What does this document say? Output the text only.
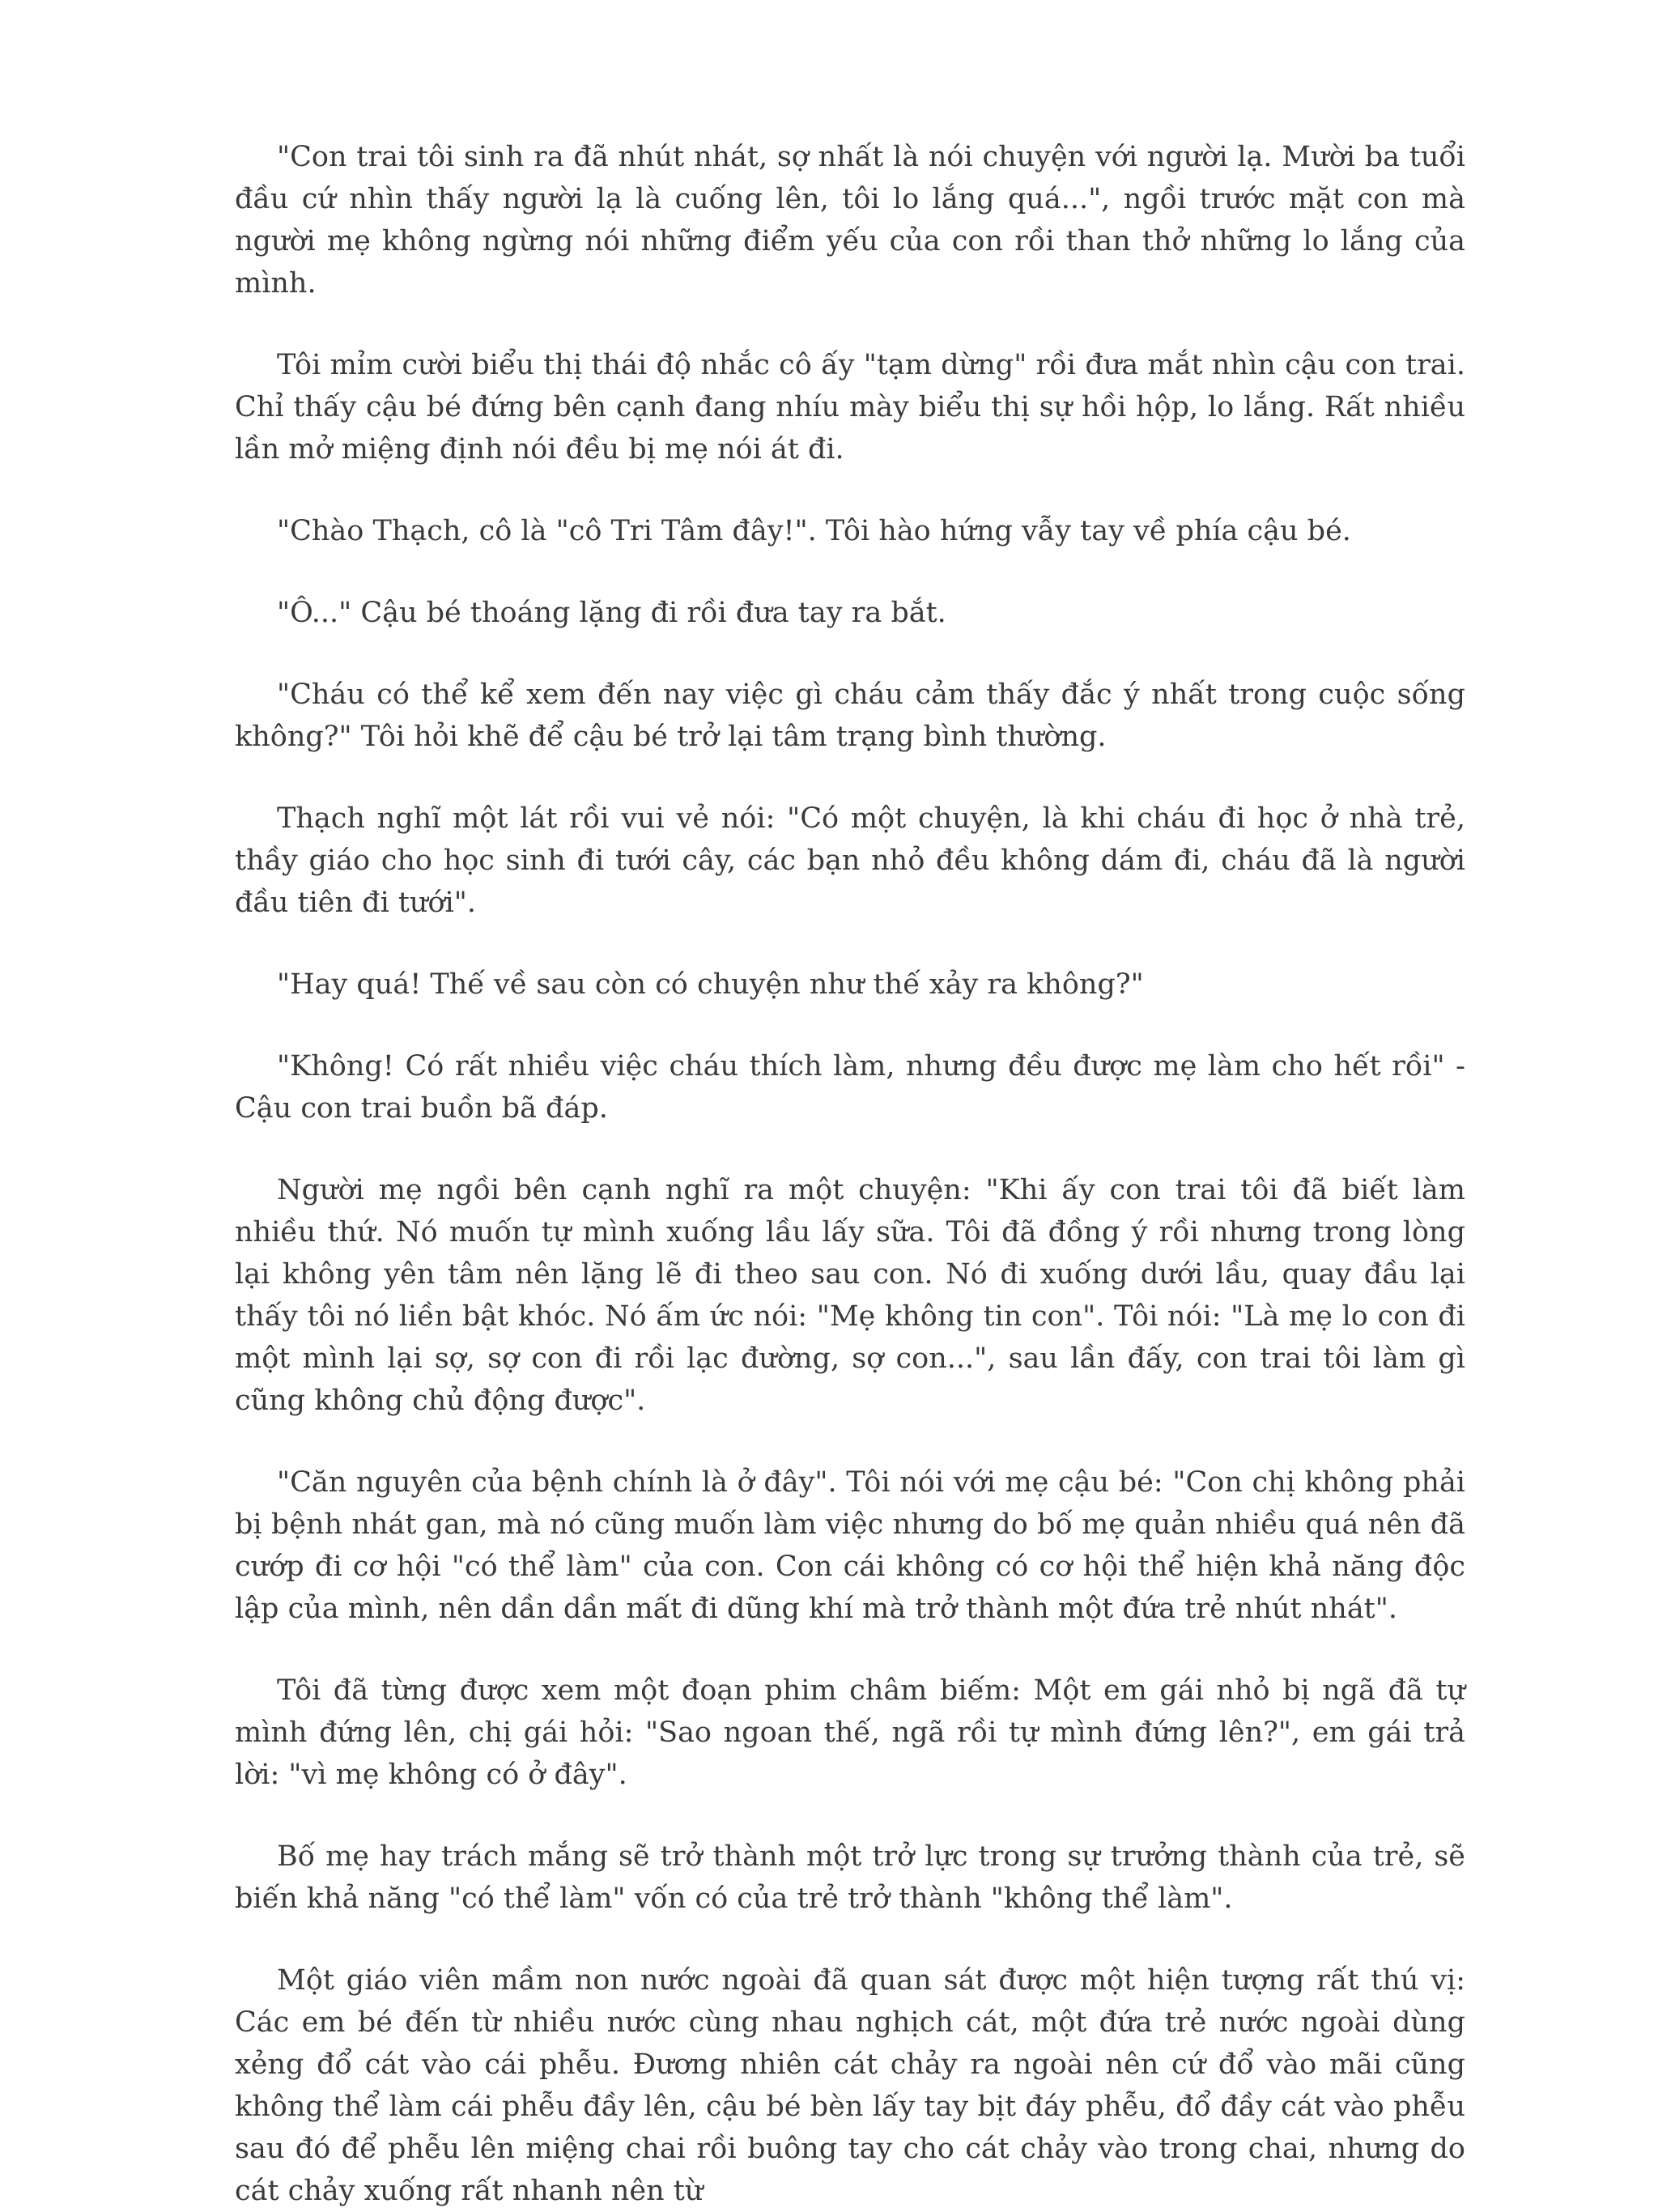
"Con trai tôi sinh ra đã nhút nhát, sợ nhất là nói chuyện với người lạ. Mười ba tuổi đầu cứ nhìn thấy người lạ là cuống lên, tôi lo lắng quá...", ngồi trước mặt con mà người mẹ không ngừng nói những điểm yếu của con rồi than thở những lo lắng của mình.

Tôi mỉm cười biểu thị thái độ nhắc cô ấy "tạm dừng" rồi đưa mắt nhìn cậu con trai. Chỉ thấy cậu bé đứng bên cạnh đang nhíu mày biểu thị sự hồi hộp, lo lắng. Rất nhiều lần mở miệng định nói đều bị mẹ nói át đi.

"Chào Thạch, cô là "cô Tri Tâm đây!". Tôi hào hứng vẫy tay về phía cậu bé.

"Ô..." Cậu bé thoáng lặng đi rồi đưa tay ra bắt.

"Cháu có thể kể xem đến nay việc gì cháu cảm thấy đắc ý nhất trong cuộc sống không?" Tôi hỏi khẽ để cậu bé trở lại tâm trạng bình thường.

Thạch nghĩ một lát rồi vui vẻ nói: "Có một chuyện, là khi cháu đi học ở nhà trẻ, thầy giáo cho học sinh đi tưới cây, các bạn nhỏ đều không dám đi, cháu đã là người đầu tiên đi tưới".

"Hay quá! Thế về sau còn có chuyện như thế xảy ra không?"

"Không! Có rất nhiều việc cháu thích làm, nhưng đều được mẹ làm cho hết rồi" - Cậu con trai buồn bã đáp.

Người mẹ ngồi bên cạnh nghĩ ra một chuyện: "Khi ấy con trai tôi đã biết làm nhiều thứ. Nó muốn tự mình xuống lầu lấy sữa. Tôi đã đồng ý rồi nhưng trong lòng lại không yên tâm nên lặng lẽ đi theo sau con. Nó đi xuống dưới lầu, quay đầu lại thấy tôi nó liền bật khóc. Nó ấm ức nói: "Mẹ không tin con". Tôi nói: "Là mẹ lo con đi một mình lại sợ, sợ con đi rồi lạc đường, sợ con...", sau lần đấy, con trai tôi làm gì cũng không chủ động được".

"Căn nguyên của bệnh chính là ở đây". Tôi nói với mẹ cậu bé: "Con chị không phải bị bệnh nhát gan, mà nó cũng muốn làm việc nhưng do bố mẹ quản nhiều quá nên đã cướp đi cơ hội "có thể làm" của con. Con cái không có cơ hội thể hiện khả năng độc lập của mình, nên dần dần mất đi dũng khí mà trở thành một đứa trẻ nhút nhát".

Tôi đã từng được xem một đoạn phim châm biếm: Một em gái nhỏ bị ngã đã tự mình đứng lên, chị gái hỏi: "Sao ngoan thế, ngã rồi tự mình đứng lên?", em gái trả lời: "vì mẹ không có ở đây".

Bố mẹ hay trách mắng sẽ trở thành một trở lực trong sự trưởng thành của trẻ, sẽ biến khả năng "có thể làm" vốn có của trẻ trở thành "không thể làm".

Một giáo viên mầm non nước ngoài đã quan sát được một hiện tượng rất thú vị: Các em bé đến từ nhiều nước cùng nhau nghịch cát, một đứa trẻ nước ngoài dùng xẻng đổ cát vào cái phễu. Đương nhiên cát chảy ra ngoài nên cứ đổ vào mãi cũng không thể làm cái phễu đầy lên, cậu bé bèn lấy tay bịt đáy phễu, đổ đầy cát vào phễu sau đó để phễu lên miệng chai rồi buông tay cho cát chảy vào trong chai, nhưng do cát chảy xuống rất nhanh nên từ
